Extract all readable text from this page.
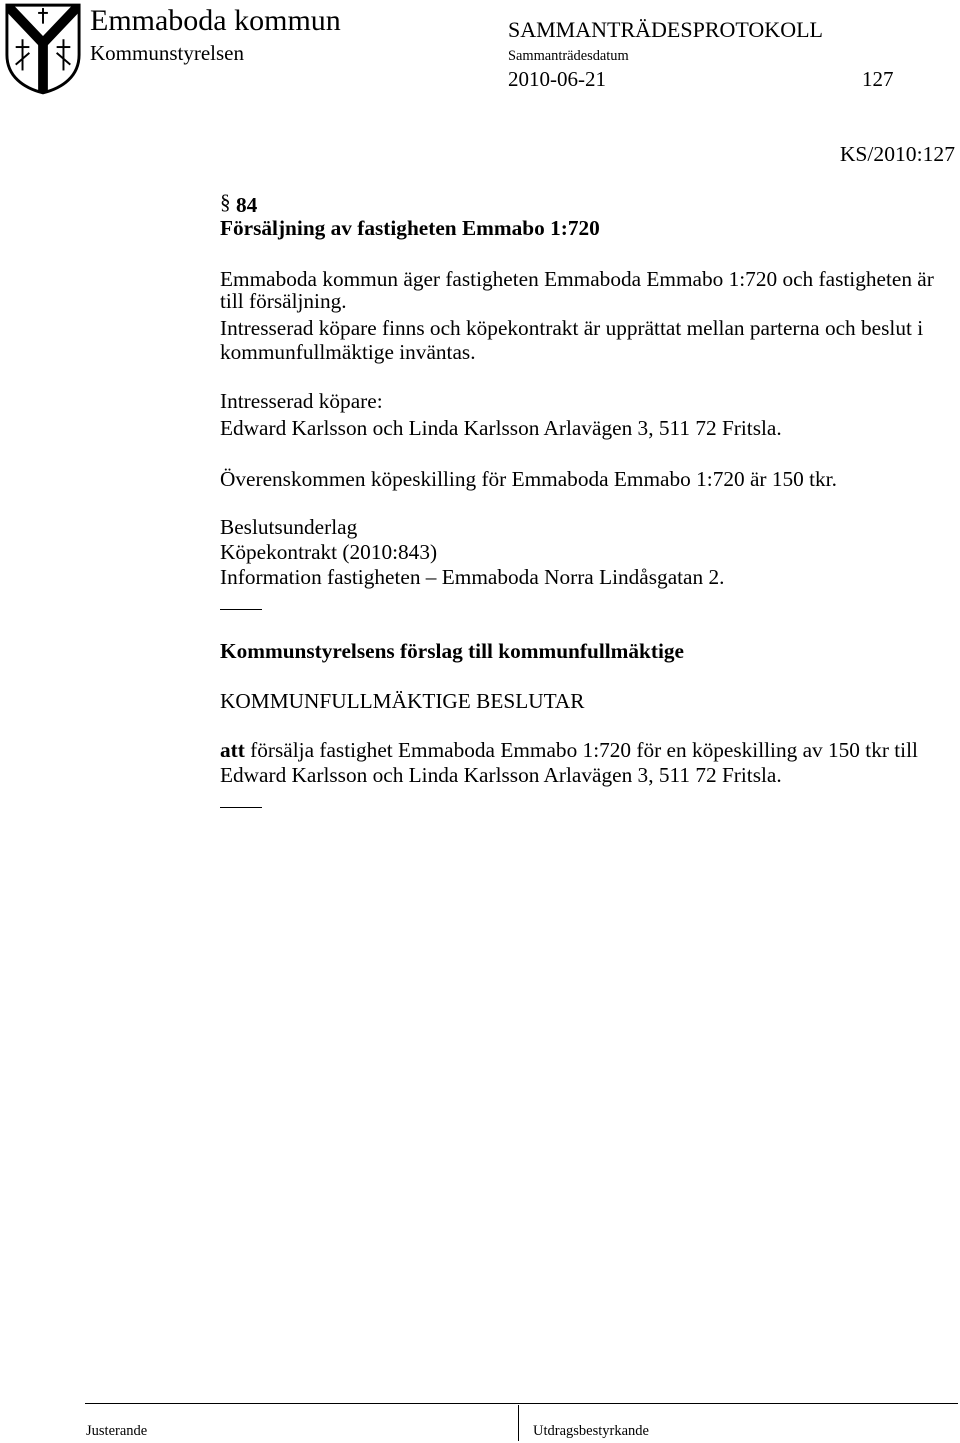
Emmaboda kommun
Kommunstyrelsen
SAMMANTRÄDESPROTOKOLL
Sammanträdesdatum
2010-06-21	127
KS/2010:127
§ 84
Försäljning av fastigheten Emmabo 1:720
Emmaboda kommun äger fastigheten Emmaboda Emmabo 1:720 och fastigheten är
till försäljning.
Intresserad köpare finns och köpekontrakt är upprättat mellan parterna och beslut i
kommunfullmäktige inväntas.
Intresserad köpare:
Edward Karlsson och Linda Karlsson Arlavägen 3, 511 72 Fritsla.
Överenskommen köpeskilling för Emmaboda Emmabo 1:720 är 150 tkr.
Beslutsunderlag
Köpekontrakt (2010:843)
Information fastigheten – Emmaboda Norra Lindåsgatan 2.
Kommunstyrelsens förslag till kommunfullmäktige
KOMMUNFULLMÄKTIGE BESLUTAR
att försälja fastighet Emmaboda Emmabo 1:720 för en köpeskilling av 150 tkr till
Edward Karlsson och Linda Karlsson Arlavägen 3, 511 72 Fritsla.
Justerande	Utdragsbestyrkande
